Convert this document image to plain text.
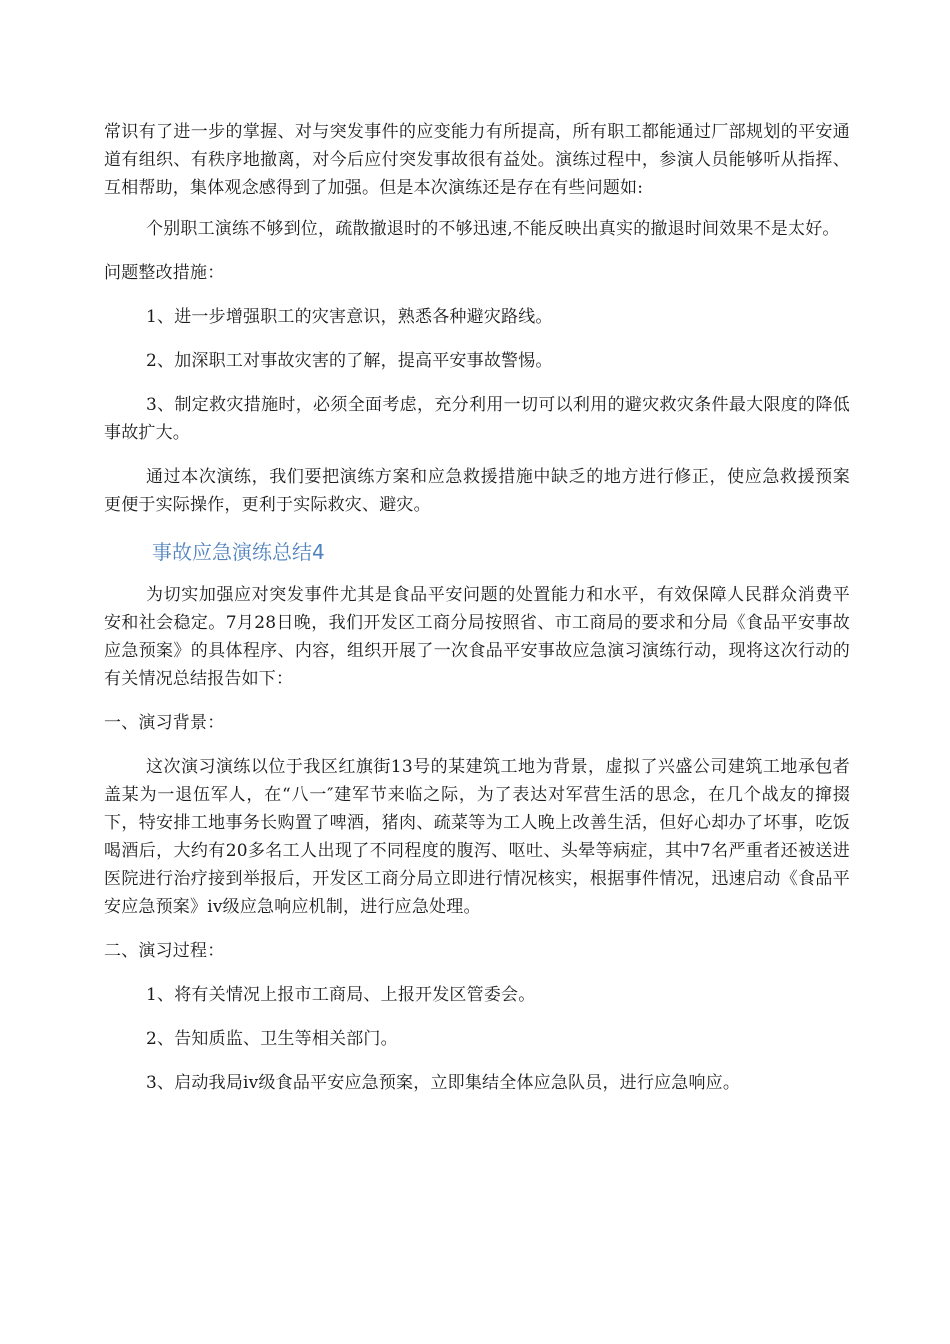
常识有了进一步的掌握、对与突发事件的应变能力有所提高，所有职工都能通过厂部规划的平安通道有组织、有秩序地撤离，对今后应付突发事故很有益处。演练过程中，参演人员能够听从指挥、互相帮助，集体观念感得到了加强。但是本次演练还是存在有些问题如:

个别职工演练不够到位，疏散撤退时的不够迅速,不能反映出真实的撤退时间效果不是太好。

问题整改措施：

1、进一步增强职工的灾害意识，熟悉各种避灾路线。

2、加深职工对事故灾害的了解，提高平安事故警惕。

3、制定救灾措施时，必须全面考虑，充分利用一切可以利用的避灾救灾条件最大限度的降低事故扩大。

通过本次演练，我们要把演练方案和应急救援措施中缺乏的地方进行修正，使应急救援预案更便于实际操作，更利于实际救灾、避灾。

事故应急演练总结4

为切实加强应对突发事件尤其是食品平安问题的处置能力和水平，有效保障人民群众消费平安和社会稳定。7月28日晚，我们开发区工商分局按照省、市工商局的要求和分局《食品平安事故应急预案》的具体程序、内容，组织开展了一次食品平安事故应急演习演练行动，现将这次行动的有关情况总结报告如下：

一、演习背景：

这次演习演练以位于我区红旗街13号的某建筑工地为背景，虚拟了兴盛公司建筑工地承包者盖某为一退伍军人，在“八一″建军节来临之际，为了表达对军营生活的思念，在几个战友的撺掇下，特安排工地事务长购置了啤酒，猪肉、疏菜等为工人晚上改善生活，但好心却办了坏事，吃饭喝酒后，大约有20多名工人出现了不同程度的腹泻、呕吐、头晕等病症，其中7名严重者还被送进医院进行治疗接到举报后，开发区工商分局立即进行情况核实，根据事件情况，迅速启动《食品平安应急预案》iv级应急响应机制，进行应急处理。

二、演习过程：

1、将有关情况上报市工商局、上报开发区管委会。

2、告知质监、卫生等相关部门。

3、启动我局iv级食品平安应急预案，立即集结全体应急队员，进行应急响应。
